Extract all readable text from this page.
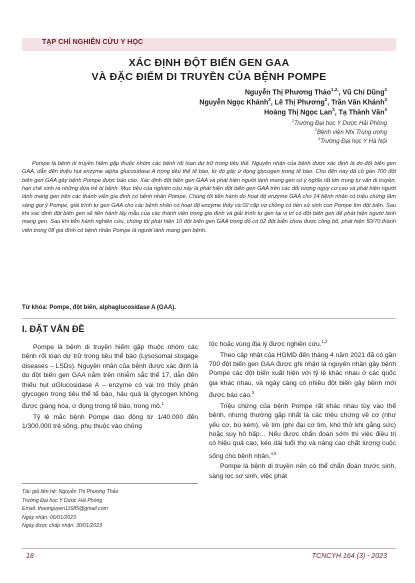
TẠP CHÍ NGHIÊN CỨU Y HỌC
XÁC ĐỊNH ĐỘT BIẾN GEN GAA
VÀ ĐẶC ĐIỂM DI TRUYỀN CỦA BỆNH POMPE
Nguyễn Thị Phương Thảo$^{1,2,}$, Vũ Chí Dũng$^2$
Nguyễn Ngọc Khánh$^2$, Lê Thị Phương$^2$, Trần Vân Khánh$^3$
Hoàng Thị Ngọc Lan$^3$, Tạ Thành Văn$^3$
$^1$Trường Đại học Y Dược Hải Phòng
$^2$Bệnh viện Nhi Trung ương
$^3$Trường Đại học Y Hà Nội
Pompe là bệnh di truyền hiếm gặp thuộc nhóm các bệnh rối loạn dự trữ trong tiêu thể. Nguyên nhân của bệnh được xác định là do đột biến gen GAA, dẫn đến thiếu hụt enzyme alpha glucosidase A trong tiêu thể tế bào, từ đó gây ứ đọng glycogen trong tế bào. Cho đến nay đã có gần 700 đột biến gen GAA gây bệnh Pompe được báo cáo. Xác định đột biến gen GAA và phát hiện người lành mang gen có ý nghĩa rất lớn trong tư vấn di truyền, hạn chế sinh ra những đứa trẻ bị bệnh. Mục tiêu của nghiên cứu này là phát hiện đột biến gen GAA trên các đối tượng nguy cơ cao và phát hiện người lành mang gen trên các thành viên gia đình có bệnh nhân Pompe. Chúng tôi tiến hành đo hoạt độ enzyme GAA cho 14 bệnh nhân có triệu chứng lâm sàng gợi ý Pompe, giải trình tự gen GAA cho các bệnh nhân có hoạt độ enzyme thấy và 02 cặp vợ chồng có tiền sử sinh con Pompe tìm đột biến. Sau khi xác định đột biến gen sẽ tiến hành lấy mẫu của các thành viên trong gia đình và giải trình tự gen tại vị trí có đột biến gen để phát hiện người lành mang gen. Sau khi tiến hành nghiên cứu, chúng tôi phát hiện 10 đột biến gen GAA trong đó có 02 đột biến chưa được công bố, phát hiện 50/70 thành viên trong 08 gia đình có bệnh nhân Pompe là người lành mang gen bệnh.
Từ khóa: Pompe, đột biến, alphaglucosidase A (GAA).
I. ĐẶT VẤN ĐỀ

Pompe là bệnh di truyền hiếm gặp thuộc nhóm các bệnh rối loạn dự trữ trong tiêu thể bào (Lysosomal stogage diseases – LSDs). Nguyên nhân của bệnh được xác định là do đột biến gen GAA nằm trên nhiễm sắc thể 17, dẫn đến thiếu hụt αGlucosidase A – enzyme có vai trò thủy phân glycogen trong tiêu thể tế bào, hậu quả là glycogen không được giáng hóa, ứ đọng trong tế bào, trong mô.$^1$

Tỷ lệ mắc bệnh Pompe dao động từ 1/40.000 đến 1/300.000 trẻ sống, phụ thuộc vào chủng

tộc hoặc vùng địa lý được nghiên cứu.$^{1,2}$

Theo cập nhật của HGMD đến tháng 4 năm 2021 đã có gần 700 đột biến gen GAA được ghi nhận là nguyên nhân gây bệnh Pompe các đột biến xuất hiện với tỷ lệ khác nhau ở các quốc gia khác nhau, và ngày càng có nhiều đột biến gây bệnh mới được báo cáo.$^3$

Triệu chứng của bệnh Pompe rất khác nhau tùy vào thể bệnh, nhưng thường gặp nhất là các triệu chứng về cơ (như yếu cơ, bú kém), về tim (phì đại cơ tim, khó thở khi gắng sức) hoặc suy hô hấp… Nếu được chẩn đoán sớm thì việc điều trị có hiệu quả cao, kéo dài tuổi thọ và nâng cao chất lượng cuộc sống cho bệnh nhân.$^{4,5}$

Pompe là bệnh di truyền nên có thể chẩn đoán trước sinh, sàng lọc sơ sinh, việc phát

Tác giả liên hệ: Nguyễn Thị Phương Thảo
Trường Đại học Y Dược Hải Phòng
Email: thaonguyen11685@gmail.com
Ngày nhận: 06/01/2023
Ngày được chấp nhận: 30/01/2023
18	TCNCYH 164 (3) - 2023
